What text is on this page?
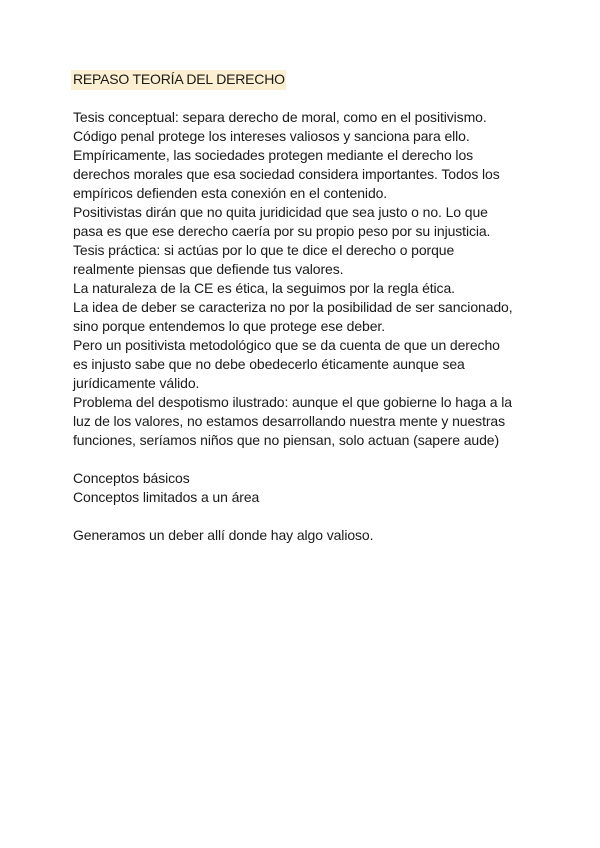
REPASO TEORÍA DEL DERECHO
Tesis conceptual: separa derecho de moral, como en el positivismo.
Código penal protege los intereses valiosos y sanciona para ello.
Empíricamente, las sociedades protegen mediante el derecho los
derechos morales que esa sociedad considera importantes. Todos los
empíricos defienden esta conexión en el contenido.
Positivistas dirán que no quita juridicidad que sea justo o no. Lo que
pasa es que ese derecho caería por su propio peso por su injusticia.
Tesis práctica: si actúas por lo que te dice el derecho o porque
realmente piensas que defiende tus valores.
La naturaleza de la CE es ética, la seguimos por la regla ética.
La idea de deber se caracteriza no por la posibilidad de ser sancionado,
sino porque entendemos lo que protege ese deber.
Pero un positivista metodológico que se da cuenta de que un derecho
es injusto sabe que no debe obedecerlo éticamente aunque sea
jurídicamente válido.
Problema del despotismo ilustrado: aunque el que gobierne lo haga a la
luz de los valores, no estamos desarrollando nuestra mente y nuestras
funciones, seríamos niños que no piensan, solo actuan (sapere aude)
Conceptos básicos
Conceptos limitados a un área
Generamos un deber allí donde hay algo valioso.
